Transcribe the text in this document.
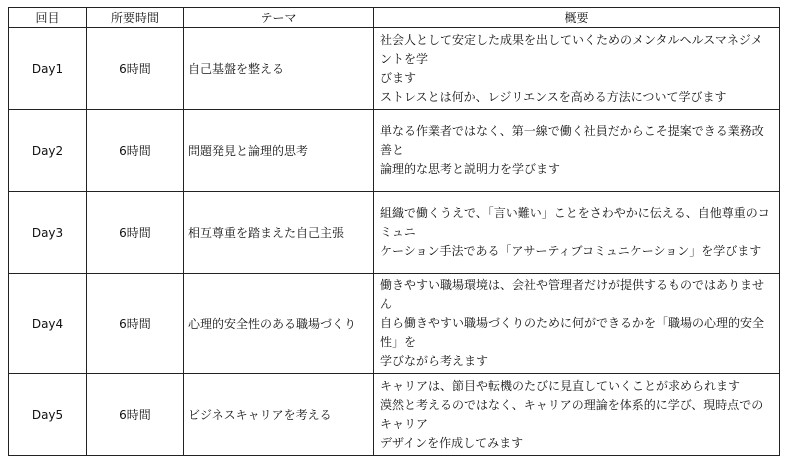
回目	所要時間	テーマ	概要
Day1	6時間	自己基盤を整える	社会人として安定した成果を出していくためのメンタルヘルスマネジメントを学
びます
ストレスとは何か、レジリエンスを高める方法について学びます

Day2	6時間	問題発見と論理的思考	単なる作業者ではなく、第一線で働く社員だからこそ提案できる業務改善と
論理的な思考と説明力を学びます

Day3	6時間	相互尊重を踏まえた自己主張	組織で働くうえで、「言い難い」ことをさわやかに伝える、自他尊重のコミュニ
ケーション手法である「アサーティブコミュニケーション」を学びます

Day4	6時間	心理的安全性のある職場づくり	働きやすい職場環境は、会社や管理者だけが提供するものではありません
自ら働きやすい職場づくりのために何ができるかを「職場の心理的安全性」を
学びながら考えます

Day5	6時間	ビジネスキャリアを考える	キャリアは、節目や転機のたびに見直していくことが求められます
漠然と考えるのではなく、キャリアの理論を体系的に学び、現時点でのキャリア
デザインを作成してみます
